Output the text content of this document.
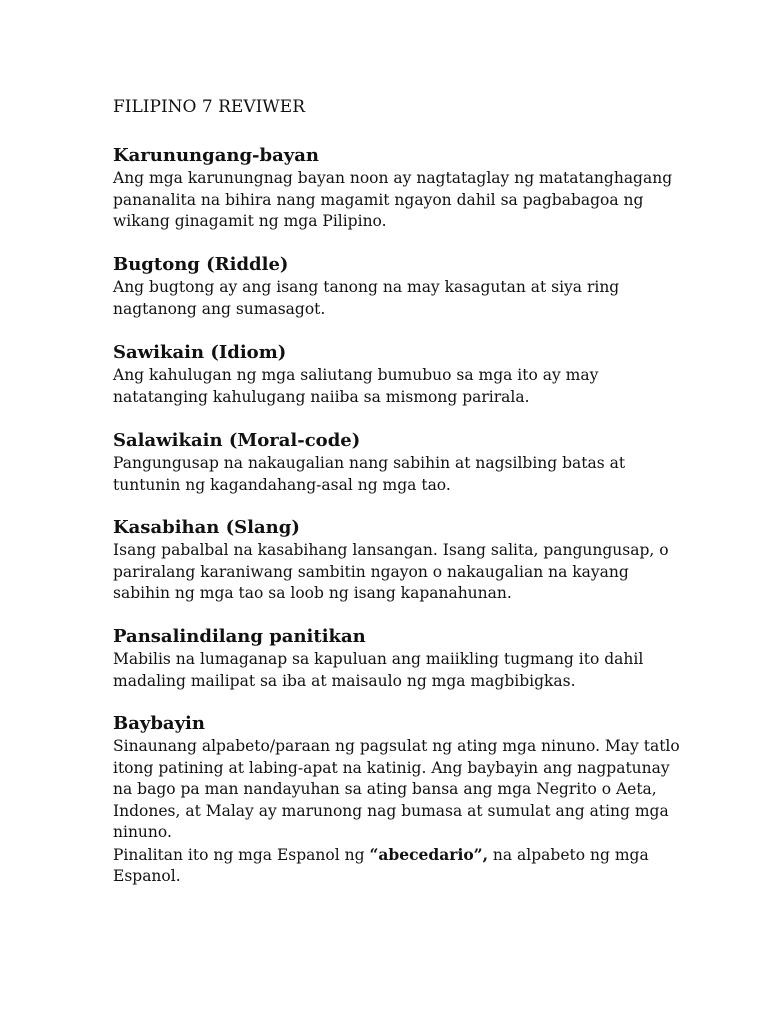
FILIPINO 7 REVIWER
Karunungang-bayan

Ang mga karunungnag bayan noon ay nagtataglay ng matatanghagang
pananalita na bihira nang magamit ngayon dahil sa pagbabagoa ng
wikang ginagamit ng mga Pilipino.

Bugtong (Riddle)

Ang bugtong ay ang isang tanong na may kasagutan at siya ring
nagtanong ang sumasagot.

Sawikain (Idiom)

Ang kahulugan ng mga saliutang bumubuo sa mga ito ay may
natatanging kahulugang naiiba sa mismong parirala.

Salawikain (Moral-code)

Pangungusap na nakaugalian nang sabihin at nagsilbing batas at
tuntunin ng kagandahang-asal ng mga tao.

Kasabihan (Slang)

Isang pabalbal na kasabihang lansangan. Isang salita, pangungusap, o
pariralang karaniwang sambitin ngayon o nakaugalian na kayang
sabihin ng mga tao sa loob ng isang kapanahunan.

Pansalindilang panitikan

Mabilis na lumaganap sa kapuluan ang maiikling tugmang ito dahil
madaling mailipat sa iba at maisaulo ng mga magbibigkas.

Baybayin

Sinaunang alpabeto/paraan ng pagsulat ng ating mga ninuno. May tatlo
itong patining at labing-apat na katinig. Ang baybayin ang nagpatunay
na bago pa man nandayuhan sa ating bansa ang mga Negrito o Aeta,
Indones, at Malay ay marunong nag bumasa at sumulat ang ating mga
ninuno.
Pinalitan ito ng mga Espanol ng “abecedario”, na alpabeto ng mga
Espanol.
